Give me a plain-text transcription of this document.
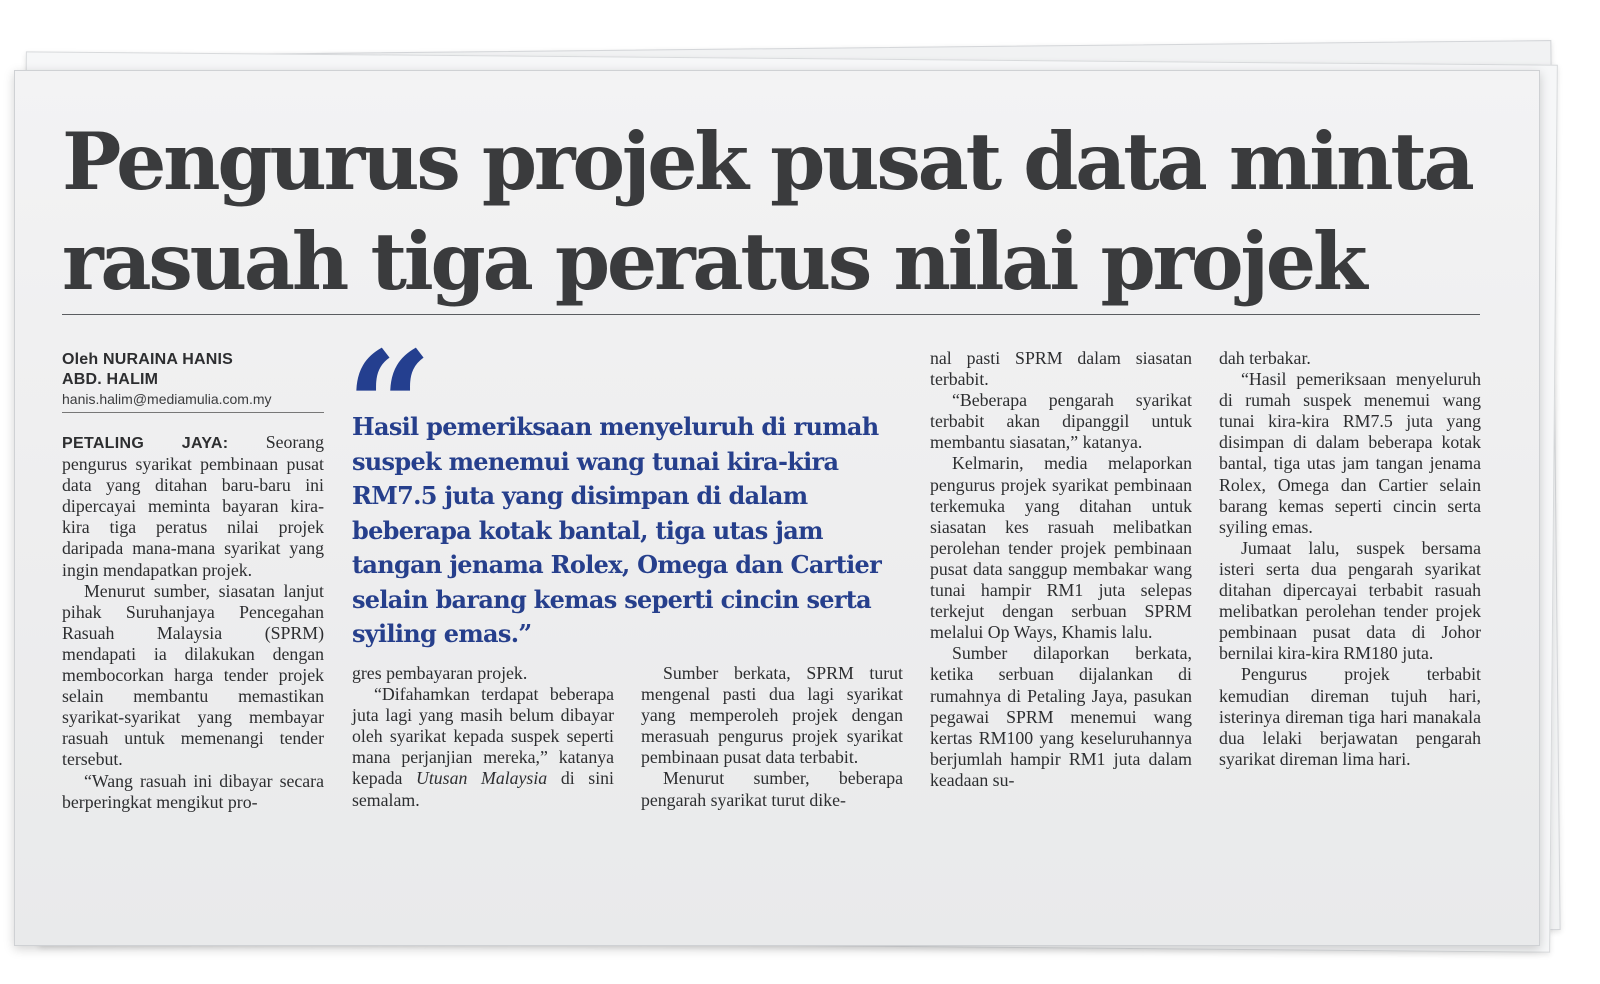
Pengurus projek pusat data minta rasuah tiga peratus nilai projek
Oleh NURAINA HANIS
ABD. HALIM
hanis.halim@mediamulia.com.my

PETALING JAYA: Seorang pengurus syarikat pembinaan pusat data yang ditahan baru-baru ini dipercayai meminta bayaran kira-kira tiga peratus nilai projek daripada mana-mana syarikat yang ingin mendapatkan projek.

Menurut sumber, siasatan lanjut pihak Suruhanjaya Pencegahan Rasuah Malaysia (SPRM) mendapati ia dilakukan dengan membocorkan harga tender projek selain membantu memastikan syarikat-syarikat yang membayar rasuah untuk memenangi tender tersebut.

“Wang rasuah ini dibayar secara berperingkat mengikut pro-

“

Hasil pemeriksaan menyeluruh di rumah suspek menemui wang tunai kira-kira RM7.5 juta yang disimpan di dalam beberapa kotak bantal, tiga utas jam tangan jenama Rolex, Omega dan Cartier selain barang kemas seperti cincin serta syiling emas.”

gres pembayaran projek.

“Difahamkan terdapat beberapa juta lagi yang masih belum dibayar oleh syarikat kepada suspek seperti mana perjanjian mereka,” katanya kepada Utusan Malaysia di sini semalam.

Sumber berkata, SPRM turut mengenal pasti dua lagi syarikat yang memperoleh projek dengan merasuah pengurus projek syarikat pembinaan pusat data terbabit.

Menurut sumber, beberapa pengarah syarikat turut dike-

nal pasti SPRM dalam siasatan terbabit.

“Beberapa pengarah syarikat terbabit akan dipanggil untuk membantu siasatan,” katanya.

Kelmarin, media melaporkan pengurus projek syarikat pembinaan terkemuka yang ditahan untuk siasatan kes rasuah melibatkan perolehan tender projek pembinaan pusat data sanggup membakar wang tunai hampir RM1 juta selepas terkejut dengan serbuan SPRM melalui Op Ways, Khamis lalu.

Sumber dilaporkan berkata, ketika serbuan dijalankan di rumahnya di Petaling Jaya, pasukan pegawai SPRM menemui wang kertas RM100 yang keseluruhannya berjumlah hampir RM1 juta dalam keadaan su-

dah terbakar.

“Hasil pemeriksaan menyeluruh di rumah suspek menemui wang tunai kira-kira RM7.5 juta yang disimpan di dalam beberapa kotak bantal, tiga utas jam tangan jenama Rolex, Omega dan Cartier selain barang kemas seperti cincin serta syiling emas.

Jumaat lalu, suspek bersama isteri serta dua pengarah syarikat ditahan dipercayai terbabit rasuah melibatkan perolehan tender projek pembinaan pusat data di Johor bernilai kira-kira RM180 juta.

Pengurus projek terbabit kemudian direman tujuh hari, isterinya direman tiga hari manakala dua lelaki berjawatan pengarah syarikat direman lima hari.
